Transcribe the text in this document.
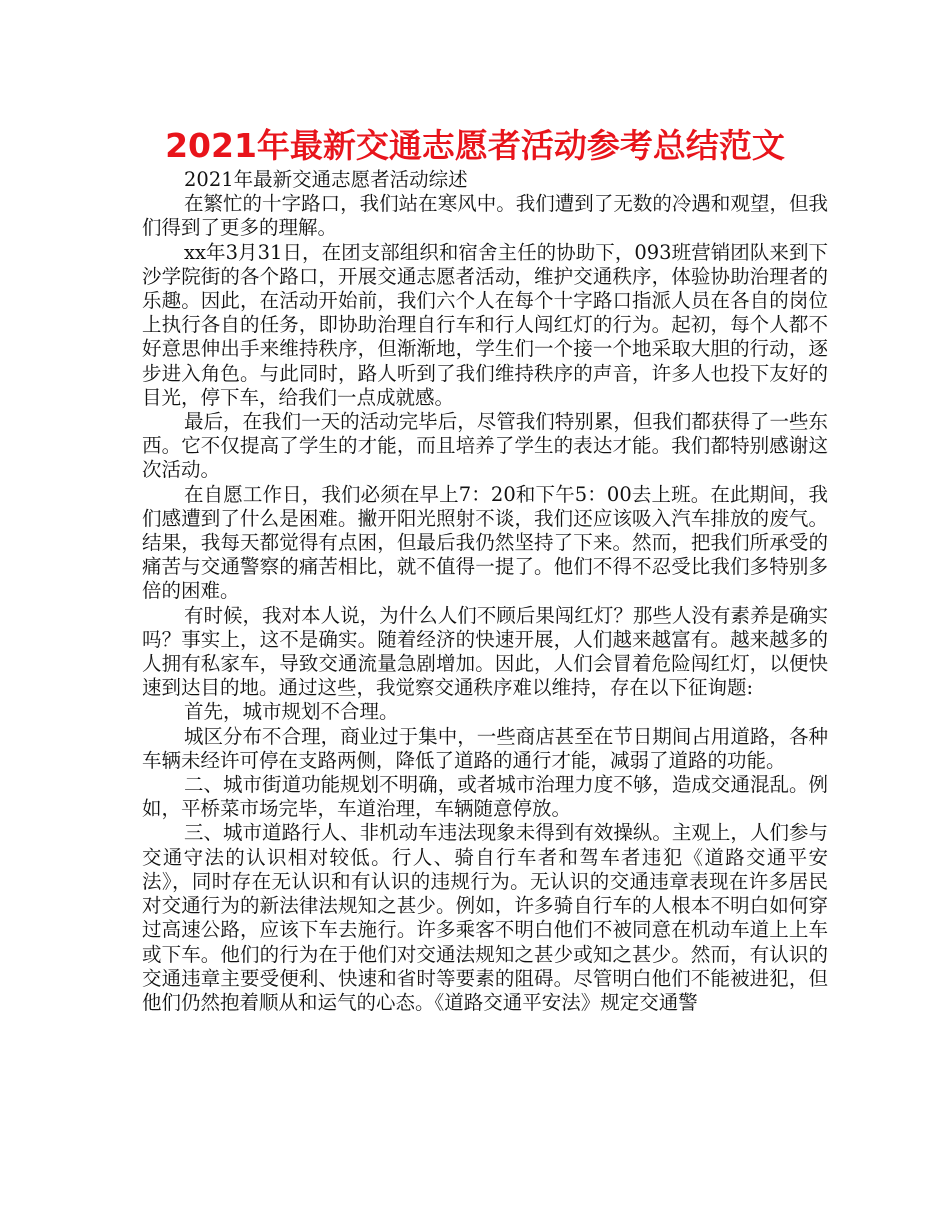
2021年最新交通志愿者活动参考总结范文

2021年最新交通志愿者活动综述

在繁忙的十字路口，我们站在寒风中。我们遭到了无数的冷遇和观望，但我们得到了更多的理解。

xx年3月31日，在团支部组织和宿舍主任的协助下，093班营销团队来到下沙学院街的各个路口，开展交通志愿者活动，维护交通秩序，体验协助治理者的乐趣。因此，在活动开始前，我们六个人在每个十字路口指派人员在各自的岗位上执行各自的任务，即协助治理自行车和行人闯红灯的行为。起初，每个人都不好意思伸出手来维持秩序，但渐渐地，学生们一个接一个地采取大胆的行动，逐步进入角色。与此同时，路人听到了我们维持秩序的声音，许多人也投下友好的目光，停下车，给我们一点成就感。

最后，在我们一天的活动完毕后，尽管我们特别累，但我们都获得了一些东西。它不仅提高了学生的才能，而且培养了学生的表达才能。我们都特别感谢这次活动。

在自愿工作日，我们必须在早上7：20和下午5：00去上班。在此期间，我们感遭到了什么是困难。撇开阳光照射不谈，我们还应该吸入汽车排放的废气。结果，我每天都觉得有点困，但最后我仍然坚持了下来。然而，把我们所承受的痛苦与交通警察的痛苦相比，就不值得一提了。他们不得不忍受比我们多特别多倍的困难。

有时候，我对本人说，为什么人们不顾后果闯红灯？那些人没有素养是确实吗？事实上，这不是确实。随着经济的快速开展，人们越来越富有。越来越多的人拥有私家车，导致交通流量急剧增加。因此，人们会冒着危险闯红灯，以便快速到达目的地。通过这些，我觉察交通秩序难以维持，存在以下征询题:

首先，城市规划不合理。

城区分布不合理，商业过于集中，一些商店甚至在节日期间占用道路，各种车辆未经许可停在支路两侧，降低了道路的通行才能，减弱了道路的功能。

二、城市街道功能规划不明确，或者城市治理力度不够，造成交通混乱。例如，平桥菜市场完毕，车道治理，车辆随意停放。

三、城市道路行人、非机动车违法现象未得到有效操纵。主观上，人们参与交通守法的认识相对较低。行人、骑自行车者和驾车者违犯《道路交通平安法》，同时存在无认识和有认识的违规行为。无认识的交通违章表现在许多居民对交通行为的新法律法规知之甚少。例如，许多骑自行车的人根本不明白如何穿过高速公路，应该下车去施行。许多乘客不明白他们不被同意在机动车道上上车或下车。他们的行为在于他们对交通法规知之甚少或知之甚少。然而，有认识的交通违章主要受便利、快速和省时等要素的阻碍。尽管明白他们不能被进犯，但他们仍然抱着顺从和运气的心态。《道路交通平安法》规定交通警
